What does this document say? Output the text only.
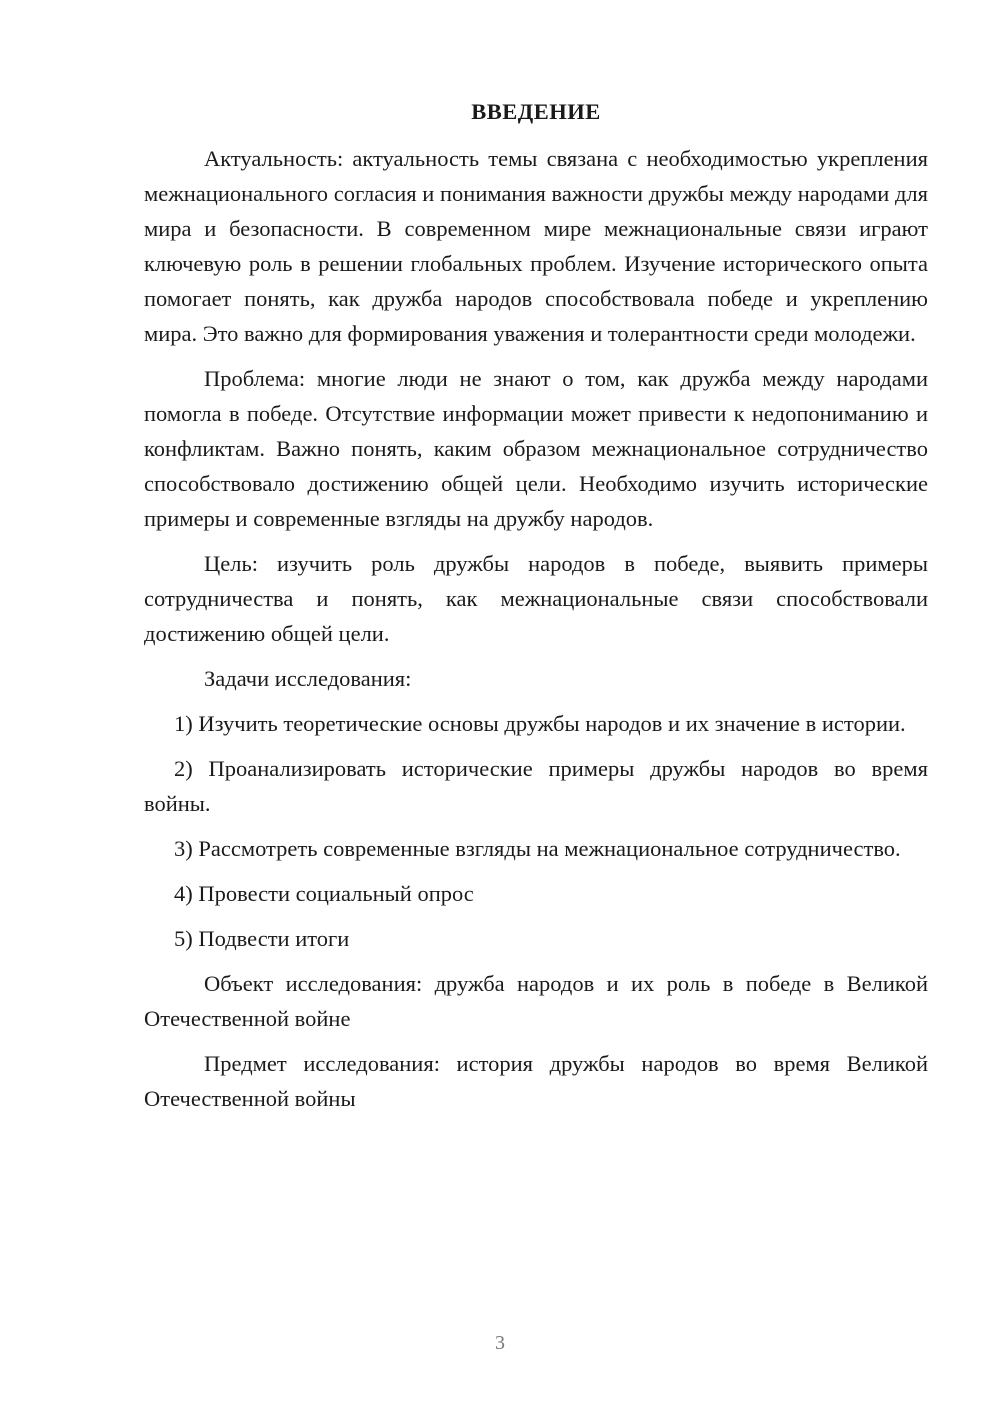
ВВЕДЕНИЕ

Актуальность: актуальность темы связана с необходимостью укрепления межнационального согласия и понимания важности дружбы между народами для мира и безопасности. В современном мире межнациональные связи играют ключевую роль в решении глобальных проблем. Изучение исторического опыта помогает понять, как дружба народов способствовала победе и укреплению мира. Это важно для формирования уважения и толерантности среди молодежи.

Проблема: многие люди не знают о том, как дружба между народами помогла в победе. Отсутствие информации может привести к недопониманию и конфликтам. Важно понять, каким образом межнациональное сотрудничество способствовало достижению общей цели. Необходимо изучить исторические примеры и современные взгляды на дружбу народов.

Цель: изучить роль дружбы народов в победе, выявить примеры сотрудничества и понять, как межнациональные связи способствовали достижению общей цели.

Задачи исследования:

1) Изучить теоретические основы дружбы народов и их значение в истории.

2) Проанализировать исторические примеры дружбы народов во время войны.

3) Рассмотреть современные взгляды на межнациональное сотрудничество.

4) Провести социальный опрос

5) Подвести итоги

Объект исследования: дружба народов и их роль в победе в Великой Отечественной войне

Предмет исследования: история дружбы народов во время Великой Отечественной войны

3
